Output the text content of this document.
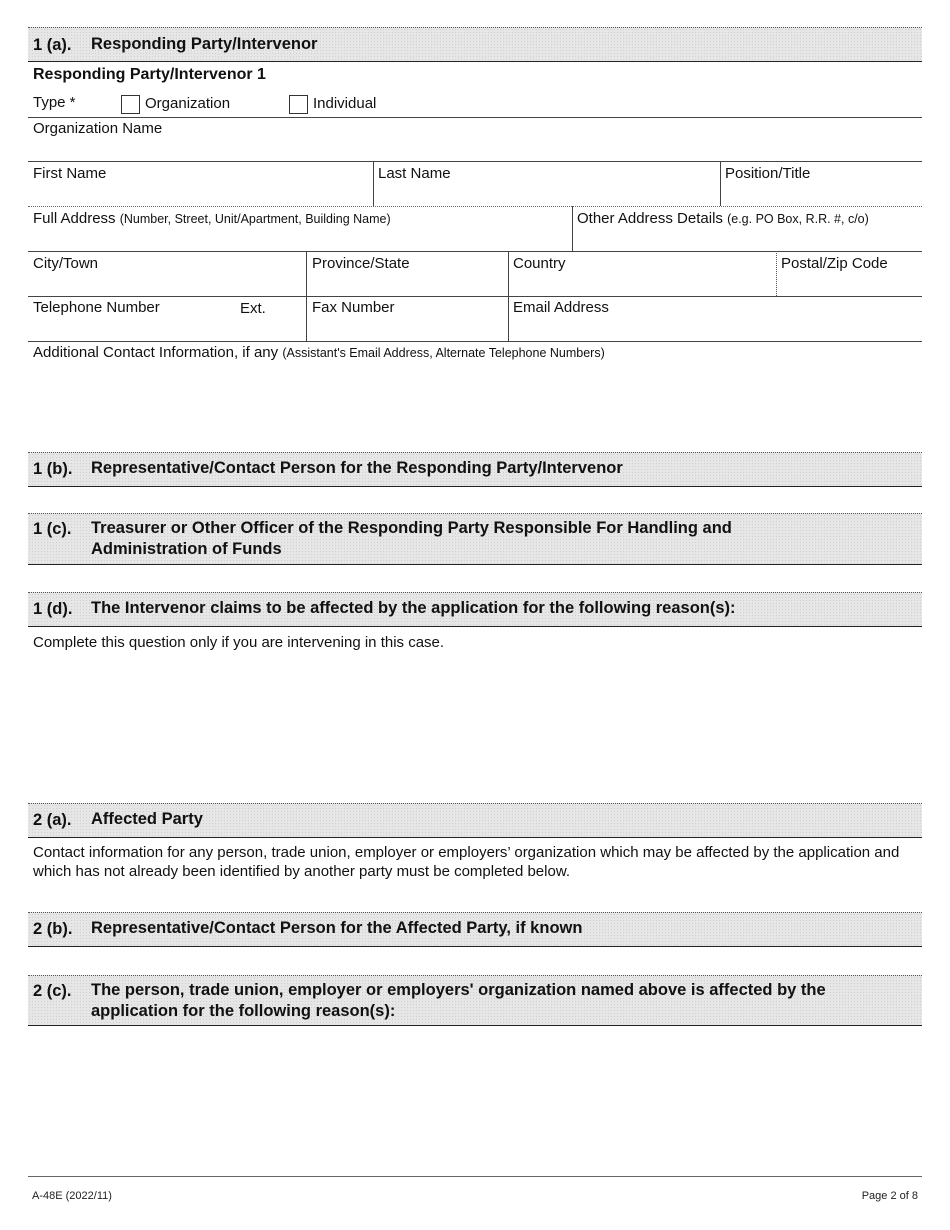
1 (a). Responding Party/Intervenor
Responding Party/Intervenor 1
Type *	Organization	Individual
Organization Name
First Name	Last Name	Position/Title
Full Address (Number, Street, Unit/Apartment, Building Name)	Other Address Details (e.g. PO Box, R.R. #, c/o)
City/Town	Province/State	Country	Postal/Zip Code
Telephone Number	Ext.	Fax Number	Email Address
Additional Contact Information, if any (Assistant's Email Address, Alternate Telephone Numbers)
1 (b). Representative/Contact Person for the Responding Party/Intervenor
1 (c). Treasurer or Other Officer of the Responding Party Responsible For Handling and Administration of Funds
1 (d). The Intervenor claims to be affected by the application for the following reason(s):
Complete this question only if you are intervening in this case.
2 (a). Affected Party
Contact information for any person, trade union, employer or employers’ organization which may be affected by the application and which has not already been identified by another party must be completed below.
2 (b). Representative/Contact Person for the Affected Party, if known
2 (c). The person, trade union, employer or employers' organization named above is affected by the application for the following reason(s):
A-48E (2022/11)	Page 2 of 8
